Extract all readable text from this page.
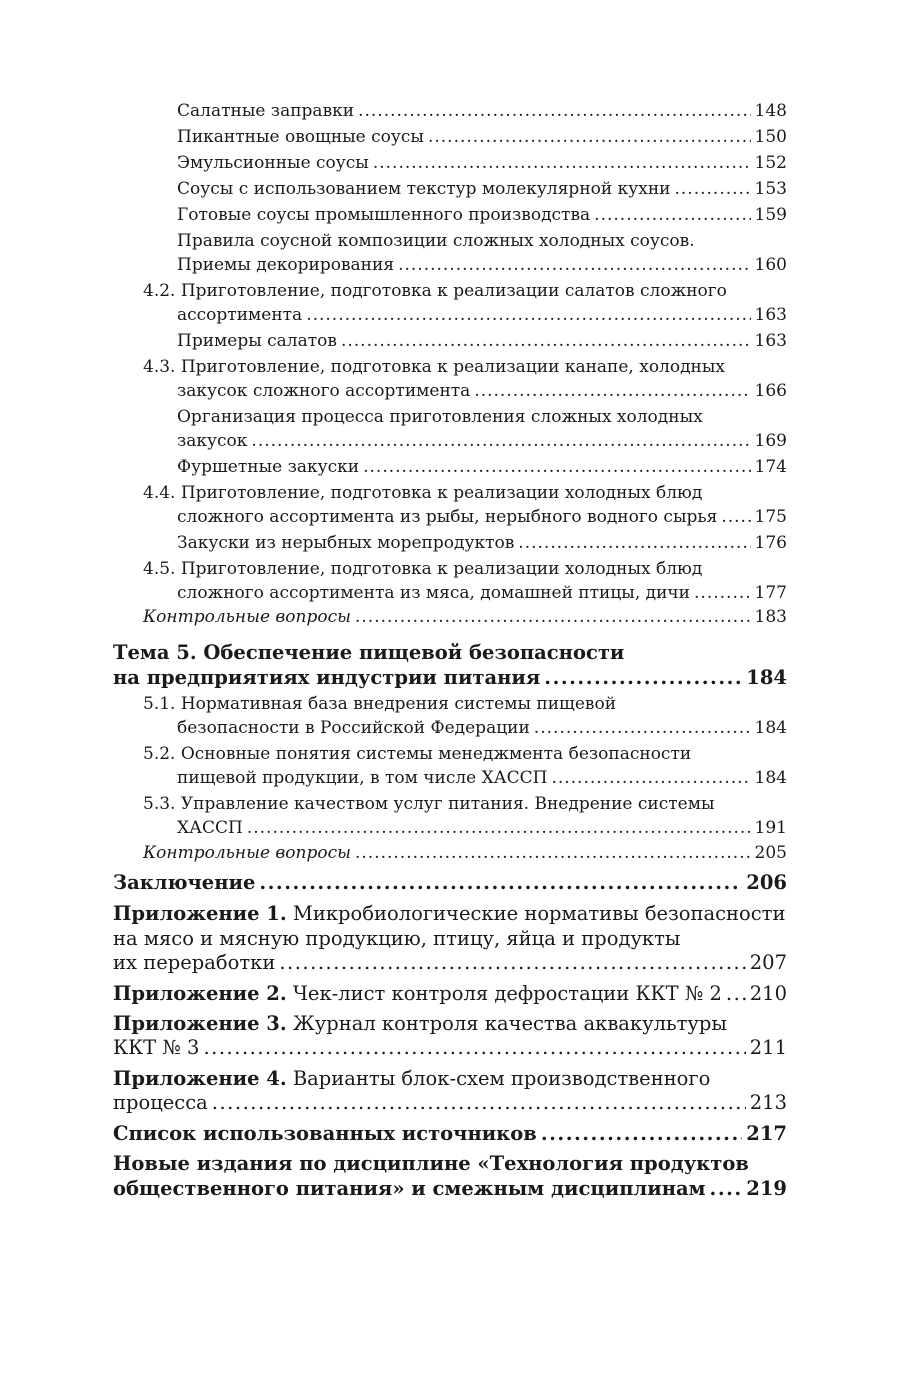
Салатные заправки .....	148
Пикантные овощные соусы .....	150
Эмульсионные соусы .....	152
Соусы с использованием текстур молекулярной кухни .....	153
Готовые соусы промышленного производства .....	159
Правила соусной композиции сложных холодных соусов.
Приемы декорирования .....	160
4.2. Приготовление, подготовка к реализации салатов сложного
ассортимента .....	163
Примеры салатов .....	163
4.3. Приготовление, подготовка к реализации канапе, холодных
закусок сложного ассортимента .....	166
Организация процесса приготовления сложных холодных
закусок .....	169
Фуршетные закуски .....	174
4.4. Приготовление, подготовка к реализации холодных блюд
сложного ассортимента из рыбы, нерыбного водного сырья ..... 175
Закуски из нерыбных морепродуктов .....	176
4.5. Приготовление, подготовка к реализации холодных блюд
сложного ассортимента из мяса, домашней птицы, дичи .....	177
Контрольные вопросы .....	183
Тема 5. Обеспечение пищевой безопасности
на предприятиях индустрии питания .....	184
5.1. Нормативная база внедрения системы пищевой
безопасности в Российской Федерации .....	184
5.2. Основные понятия системы менеджмента безопасности
пищевой продукции, в том числе ХАССП .....	184
5.3. Управление качеством услуг питания. Внедрение системы
ХАССП .....	191
Контрольные вопросы .....	205
Заключение .....	206
Приложение 1. Микробиологические нормативы безопасности
на мясо и мясную продукцию, птицу, яйца и продукты
их переработки .....	207
Приложение 2. Чек-лист контроля дефростации ККТ № 2 ..... 210
Приложение 3. Журнал контроля качества аквакультуры
ККТ № 3 .....	211
Приложение 4. Варианты блок-схем производственного
процесса .....	213
Список использованных источников .....	217
Новые издания по дисциплине «Технология продуктов
общественного питания» и смежным дисциплинам ..... 219
